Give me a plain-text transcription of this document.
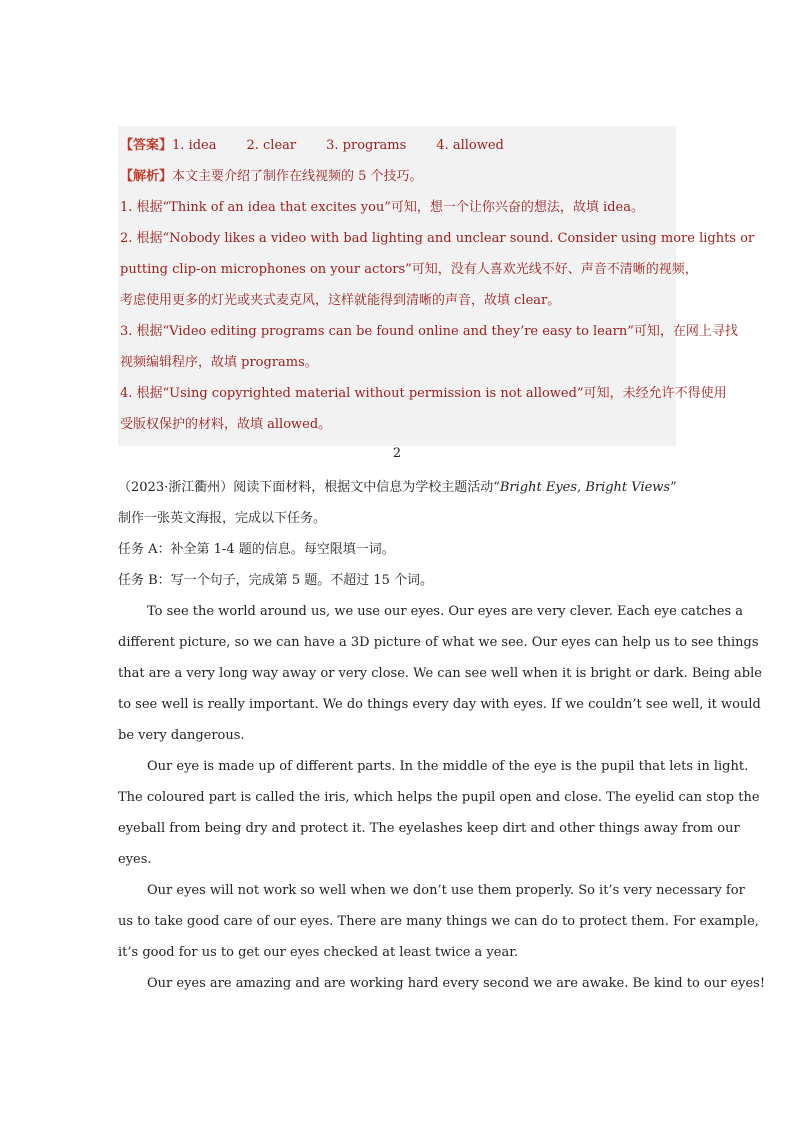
【答案】1. idea 2. clear 3. programs 4. allowed
【解析】本文主要介绍了制作在线视频的 5 个技巧。
1. 根据“Think of an idea that excites you”可知，想一个让你兴奋的想法，故填 idea。
2. 根据“Nobody likes a video with bad lighting and unclear sound. Consider using more lights or
putting clip-on microphones on your actors”可知，没有人喜欢光线不好、声音不清晰的视频，
考虑使用更多的灯光或夹式麦克风，这样就能得到清晰的声音，故填 clear。
3. 根据“Video editing programs can be found online and they’re easy to learn”可知，在网上寻找
视频编辑程序，故填 programs。
4. 根据“Using copyrighted material without permission is not allowed”可知，未经允许不得使用
受版权保护的材料，故填 allowed。
2
（2023·浙江衢州）阅读下面材料，根据文中信息为学校主题活动“Bright Eyes, Bright Views”
制作一张英文海报，完成以下任务。
任务 A：补全第 1-4 题的信息。每空限填一词。
任务 B：写一个句子，完成第 5 题。不超过 15 个词。
To see the world around us, we use our eyes. Our eyes are very clever. Each eye catches a
different picture, so we can have a 3D picture of what we see. Our eyes can help us to see things
that are a very long way away or very close. We can see well when it is bright or dark. Being able
to see well is really important. We do things every day with eyes. If we couldn’t see well, it would
be very dangerous.
Our eye is made up of different parts. In the middle of the eye is the pupil that lets in light.
The coloured part is called the iris, which helps the pupil open and close. The eyelid can stop the
eyeball from being dry and protect it. The eyelashes keep dirt and other things away from our
eyes.
Our eyes will not work so well when we don’t use them properly. So it’s very necessary for
us to take good care of our eyes. There are many things we can do to protect them. For example,
it’s good for us to get our eyes checked at least twice a year.
Our eyes are amazing and are working hard every second we are awake. Be kind to our eyes!
